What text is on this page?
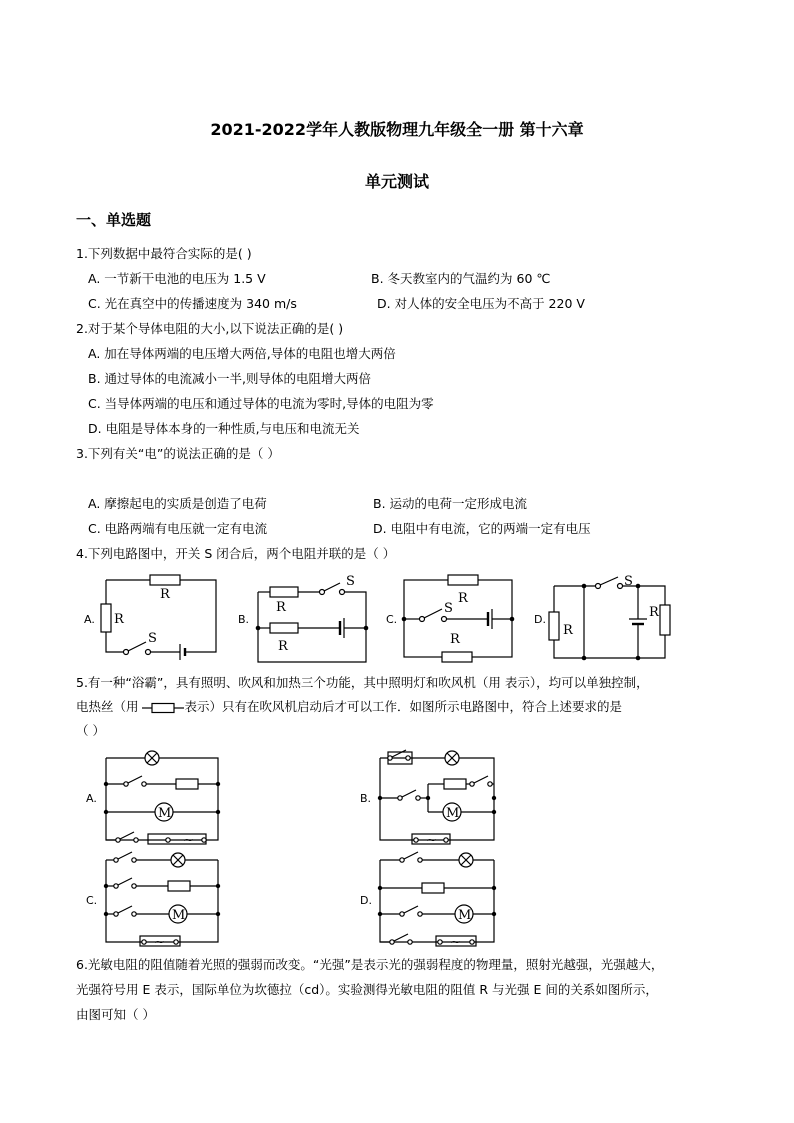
2021-2022学年人教版物理九年级全一册 第十六章
单元测试
一、单选题
1.下列数据中最符合实际的是( )
A. 一节新干电池的电压为 1.5 V	B. 冬天教室内的气温约为 60 ℃
C. 光在真空中的传播速度为 340 m/s	D. 对人体的安全电压为不高于 220 V
2.对于某个导体电阻的大小,以下说法正确的是( )
A. 加在导体两端的电压增大两倍,导体的电阻也增大两倍
B. 通过导体的电流减小一半,则导体的电阻增大两倍
C. 当导体两端的电压和通过导体的电流为零时,导体的电阻为零
D. 电阻是导体本身的一种性质,与电压和电流无关
3.下列有关“电”的说法正确的是（ ）
A. 摩擦起电的实质是创造了电荷	B. 运动的电荷一定形成电流
C. 电路两端有电压就一定有电流	D. 电阻中有电流，它的两端一定有电压
4.下列电路图中，开关 S 闭合后，两个电阻并联的是（ ）
A. R
R
S
B.
S
R
R
C.
R
S
R
D.
S
R
R
5.有一种“浴霸”，具有照明、吹风和加热三个功能，其中照明灯和吹风机（用 表示），均可以单独控制，
电热丝（用	表示）只有在吹风机启动后才可以工作．如图所示电路图中，符合上述要求的是
（ ）
A.
M
~
B.
M
~
C.
M
~
D.
M
~
6.光敏电阻的阻值随着光照的强弱而改变。“光强”是表示光的强弱程度的物理量，照射光越强，光强越大，
光强符号用 E 表示，国际单位为坎德拉（cd）。实验测得光敏电阻的阻值 R 与光强 E 间的关系如图所示，
由图可知（ ）
